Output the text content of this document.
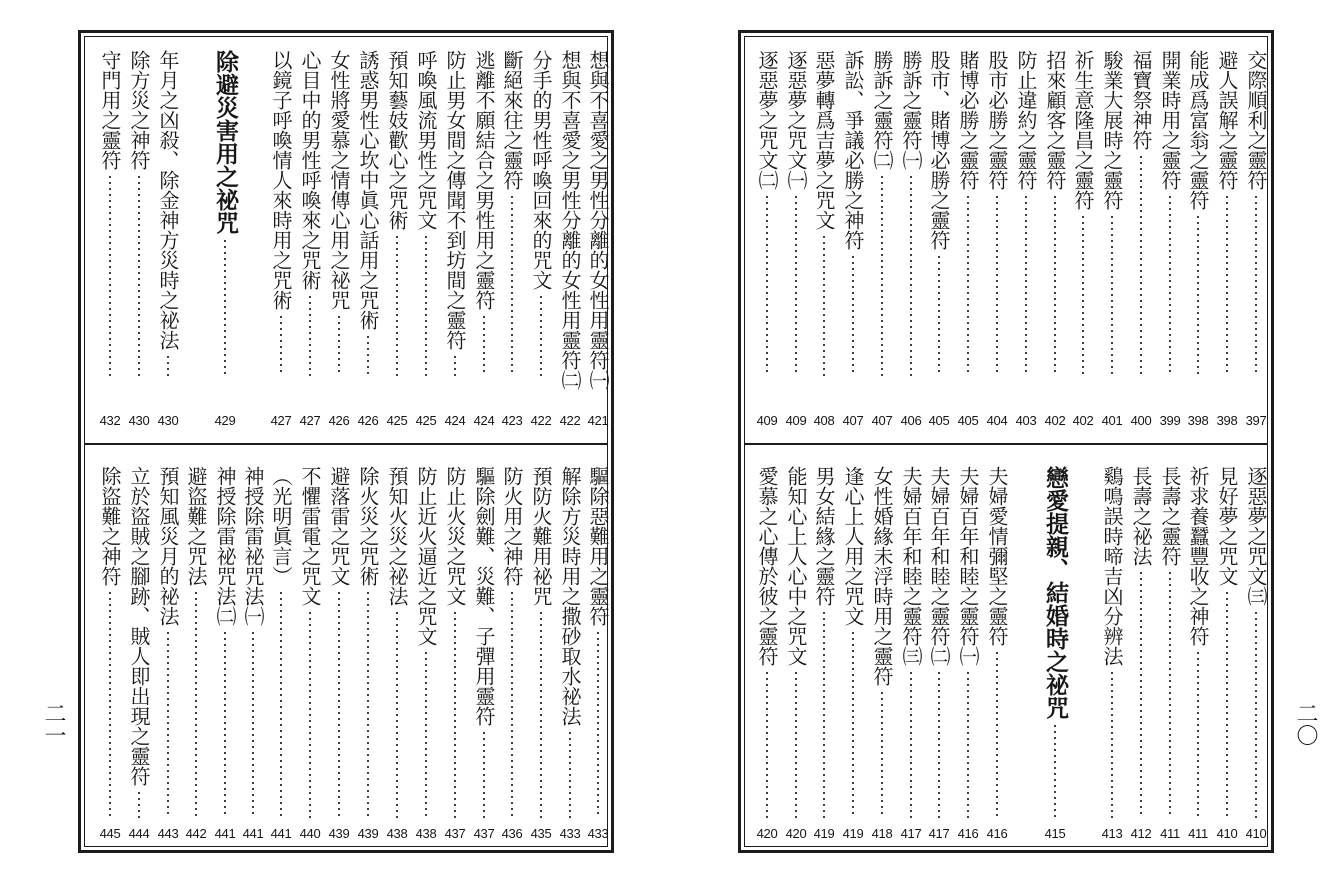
想與不喜愛之男性分離的女性用靈符㈠
421
想與不喜愛之男性分離的女性用靈符㈡
422
分手的男性呼喚回來的咒文
422
斷絕來往之靈符
423
逃離不願結合之男性用之靈符
424
防止男女間之傳聞不到坊間之靈符
424
呼喚風流男性之咒文
425
預知藝妓歡心之咒術
425
誘惑男性心坎中眞心話用之咒術
426
女性將愛慕之情傳心用之祕咒
426
心目中的男性呼喚來之咒術
427
以鏡子呼喚情人來時用之咒術
427
除避災害用之祕咒
429
年月之凶殺、除金神方災時之祕法
430
除方災之神符
430
守門用之靈符
432
驅除惡難用之靈符
433
解除方災時用之撒砂取水祕法
433
預防火難用祕咒
435
防火用之神符
436
驅除劍難、災難、子彈用靈符
437
防止火災之咒文
437
防止近火逼近之咒文
438
預知火災之祕法
438
除火災之咒術
439
避落雷之咒文
439
不懼雷電之咒文
440
（光明眞言）
441
神授除雷祕咒法㈠
441
神授除雷祕咒法㈡
441
避盜難之咒法
442
預知風災月的祕法
443
立於盜賊之腳跡、賊人即出現之靈符
444
除盜難之神符
445
交際順利之靈符
397
避人誤解之靈符
398
能成爲富翁之靈符
398
開業時用之靈符
399
福寶祭神符
400
駿業大展時之靈符
401
祈生意隆昌之靈符
402
招來顧客之靈符
402
防止違約之靈符
403
股市必勝之靈符
404
賭博必勝之靈符
405
股市、賭博必勝之靈符
405
勝訴之靈符㈠
406
勝訴之靈符㈡
407
訴訟、爭議必勝之神符
407
惡夢轉爲吉夢之咒文
408
逐惡夢之咒文㈠
409
逐惡夢之咒文㈡
409
逐惡夢之咒文㈢
410
見好夢之咒文
410
祈求養蠶豐收之神符
411
長壽之靈符
411
長壽之祕法
412
鷄鳴誤時啼吉凶分辨法
413
戀愛提親、結婚時之祕咒
415
夫婦愛情彌堅之靈符
416
夫婦百年和睦之靈符㈠
416
夫婦百年和睦之靈符㈡
417
夫婦百年和睦之靈符㈢
417
女性婚緣未浮時用之靈符
418
逢心上人用之咒文
419
男女結緣之靈符
419
能知心上人心中之咒文
420
愛慕之心傳於彼之靈符
420
二一	二〇
